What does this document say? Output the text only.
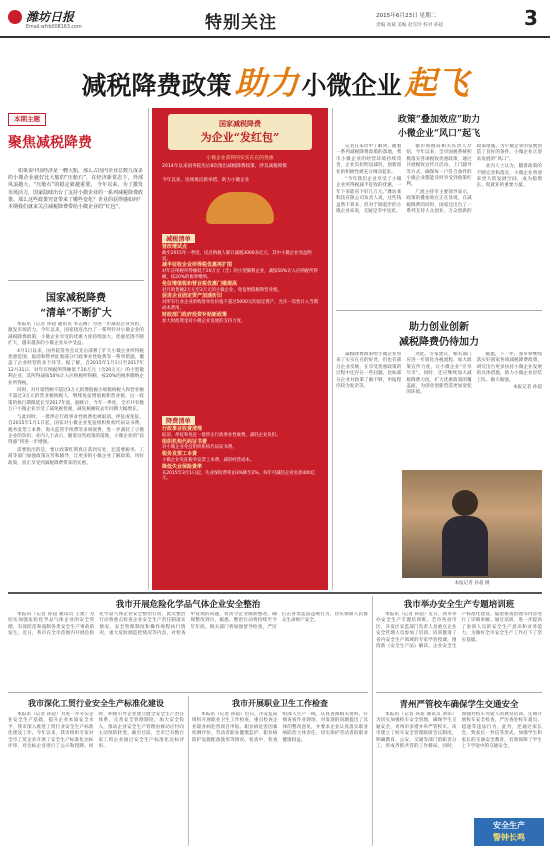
潍坊日报
Email:wfrb008163.com	特别关注	2015年6月23日 星期二
责编 高斌 美编 赵雪玲 校对 孙超	3
减税降费政策助力 小微企业起飞
本期主题
聚焦减税降费
如果说中国经济是一艘大船，那么占国内企业总数九成多的小微企业就好比大船的“压舱石”，在经济新常态下，外部风浪越大，“压舱石”的稳定就越重要。 今年以来，为了激发市场活力，国家陆续出台了支持小微企业的一系列减税降费政策。那么这些政策究竟带来了哪些变化？企业的获得感如何？本期我们就来关注减税降费带给小微企业的“红包”。
国家减税降费
“清单”不断扩大

本报讯（记者 孙超 通讯员 李志刚）为进一步减轻企业负担，激发市场活力，今年以来，国家接连出台了一系列针对小微企业的减税降费政策，小微企业享受的优惠力度持续加大，优惠范围不断扩大，越来越多的小微企业从中受益。

4月1日以来，国务院常务会议先后部署了扩大小微企业所得税优惠范围、取消和暂停征收部分行政事业性收费等一系列措施，覆盖了企业经营的多个环节。据了解，自2015年1月1日至2017年12月31日，对年应纳税所得额低于20万元（含20万元）的小型微利企业，其所得减按50%计入应纳税所得额，按20%的税率缴纳企业所得税。

同时，对月销售额不超过3万元的增值税小规模纳税人和营业额不超过3万元的营业税纳税人，继续免征增值税和营业税，这一政策的执行期限延长至2017年底。据统计，今年一季度，全市共有数万户小微企业享受了减免税优惠，减免税额较去年同期大幅增长。

与此同时，一批涉企行政事业性收费也被取消、停征或免征。自2015年1月1日起，国家对小微企业免征组织机构代码证书费、税务发票工本费、海关监管手续费等多项收费，进一步减轻了小微企业的负担。业内人士表示，随着这些政策的落地，小微企业的“获得感”将进一步增强。

需要指出的是，要让政策红利真正落到实处，还需要税务、工商等部门加强政策宣传和辅导，让更多的小微企业了解政策、用好政策，真正享受到减税降费带来的实惠。

国家减税降费
为企业“发红包”
小微企业获得的实实在在的优惠
2014年以来国务院先后8次推出减税降费政策，涉及减税规模
今年以来，连续推出新举措，助力小微企业
减税清单
营改增试点
截至2015年一季度，试点纳税人累计减税3000多亿元，其中小微企业受益明显。
减半征收企业所得税优惠再扩围
对年应纳税所得额低于20万元（含）的小型微利企业，减按50%计入应纳税所得额，按20%的税率缴纳。
免征增值税和营业税优惠门槛提高
对月销售额2万元至3万元的小微企业，免征增值税和营业税。
促进企业固定资产加速折旧
对所有行业企业新购进单位价值不超过5000元的固定资产，允许一次性计入当期成本费用。
财政部门政府投资补贴新政策
加大财政资金对小微企业发展的支持力度。
降费清单
行政事业收费清理
取消、停征和免征一批涉企行政事业性收费，减轻企业负担。
组织机构代码证书费
对小微企业免征组织机构代码证书费。
税务发票工本费
小微企业免征税务发票工本费，减轻经营成本。
降低失业保险费率
从2015年3月1日起，失业保险费率由3%降至2%，每年可减轻企业负担400亿元。
政策“叠加效应”助力
小微企业“风口”起飞

记者在采访中了解到，随着一系列减税降费政策的落地，我市小微企业的经营环境持续改善，企业负担明显减轻，创新创业的积极性被充分调动起来。

“今年我们企业享受了小微企业所得税减半征收的优惠，一年下来能省下好几万元。”潍坊某科技有限公司负责人说，这些钱虽然不算多，但对于刚起步的小微企业来说，无疑是雪中送炭。

据市国税局相关负责人介绍，今年以来，全市国税系统积极落实各项税收优惠政策，通过开展税收宣传月活动、上门辅导等方式，确保每一户符合条件的小微企业都能及时享受到政策红利。

广流主持市主要领导表示，政策的叠加效应正在显现。在减税降费的同时，国家还出台了一系列支持大众创业、万众创新的政策措施，为小微企业的发展创造了良好的条件，小微企业正迎来发展的“风口”。

业内人士认为，随着政策的不断完善和落实，小微企业将迎来更大的发展空间，成为稳增长、促就业的重要力量。

助力创业创新
减税降费仍待加力

减税降费政策给小微企业带来了实实在在的好处，但也有部分企业反映，在享受优惠政策的过程中还存在一些问题，比如部分企业对政策了解不够，申报程序较为复杂等。

对此，专家建议，相关部门应进一步简化办税流程，加大政策宣传力度，让小微企业“应享尽享”。同时，还应继续加大减税降费力度，扩大优惠政策的覆盖面，为创业创新营造更加宽松的环境。

据悉，下一步，我市将继续落实好国家各项减税降费政策，研究出台更多扶持小微企业发展的具体措施，助力小微企业轻装上阵、做大做强。

本报记者 孙超

本报记者 孙超 摄
我市开展危险化学品气体企业安全整治

本报讯（记者 孙超 通讯员 王建）为切实加强危险化学品气体企业的安全管理，有效防范和遏制各类安全生产事故的发生，近日，我市在全市范围内开展危险化学品气体企业安全整治行动。此次整治行动将重点检查企业安全生产责任制落实情况、安全管理制度和操作规程执行情况、重大危险源监控情况等内容。对检查中发现的问题，将责令企业限期整改，确保整改到位。据悉，整治行动将持续至今年年底。相关部门将加强督导检查，严厉打击各类违法违规行为，切实保障人民群众生命财产安全。

我市举办安全生产专题培训班

本报讯（记者 孙超）近日，我市举办安全生产专题培训班，全市各县市区、开发区安监部门负责人及重点企业安全管理人员参加了培训。培训邀请了省内安全生产领域的专家学者授课，围绕新《安全生产法》解读、企业安全生产标准化建设、隐患排查治理等内容进行了详细讲解。通过培训，进一步提高了参训人员的安全生产意识和业务能力，为做好全市安全生产工作打下了坚实基础。

我市深化工贸行业安全生产标准化建设

本报讯（记者 孙超）为进一步夯实企业安全生产基础，提升企业本质安全水平，我市深入推进工贸行业安全生产标准化建设工作。今年以来，我市组织专家对全市工贸企业开展了安全生产标准化达标评审，对达标企业进行了公示和授牌。同时，积极引导企业建立健全安全生产责任体系，完善安全管理制度，加大安全投入，推动企业安全生产管理由被动应付向主动预防转变。截至目前，全市已有数百家工贸企业通过安全生产标准化达标评审。

我市开展职业卫生工作检查

本报讯（记者 孙超）近日，市安监局组织开展职业卫生工作检查，重点检查企业职业病危害项目申报、职业病危害因素检测评价、劳动者职业健康监护、职业病防护设施配备使用等情况。检查中，检查组深入生产一线，认真查阅相关资料，仔细查看作业现场，对发现的问题提出了具体的整改意见，并要求企业认真落实职业病防治主体责任，切实保护劳动者的职业健康权益。

青州严管校车确保学生交通安全

本报讯（记者 孙超 通讯员 刘伟）为切实加强校车安全管理，确保学生交通安全，青州市多措并举严管校车。该市建立了校车安全管理联席会议制度，明确教育、公安、交通等部门的职责分工，形成齐抓共管的工作格局。同时，加强对校车驾驶人的教育培训，定期开展校车安全检查，严厉查处校车超员、超速等违法行为。此外，还通过家长会、致家长一封信等形式，加强学生和家长的交通安全教育，有效保障了学生上下学途中的交通安全。

安全生产
警钟长鸣
